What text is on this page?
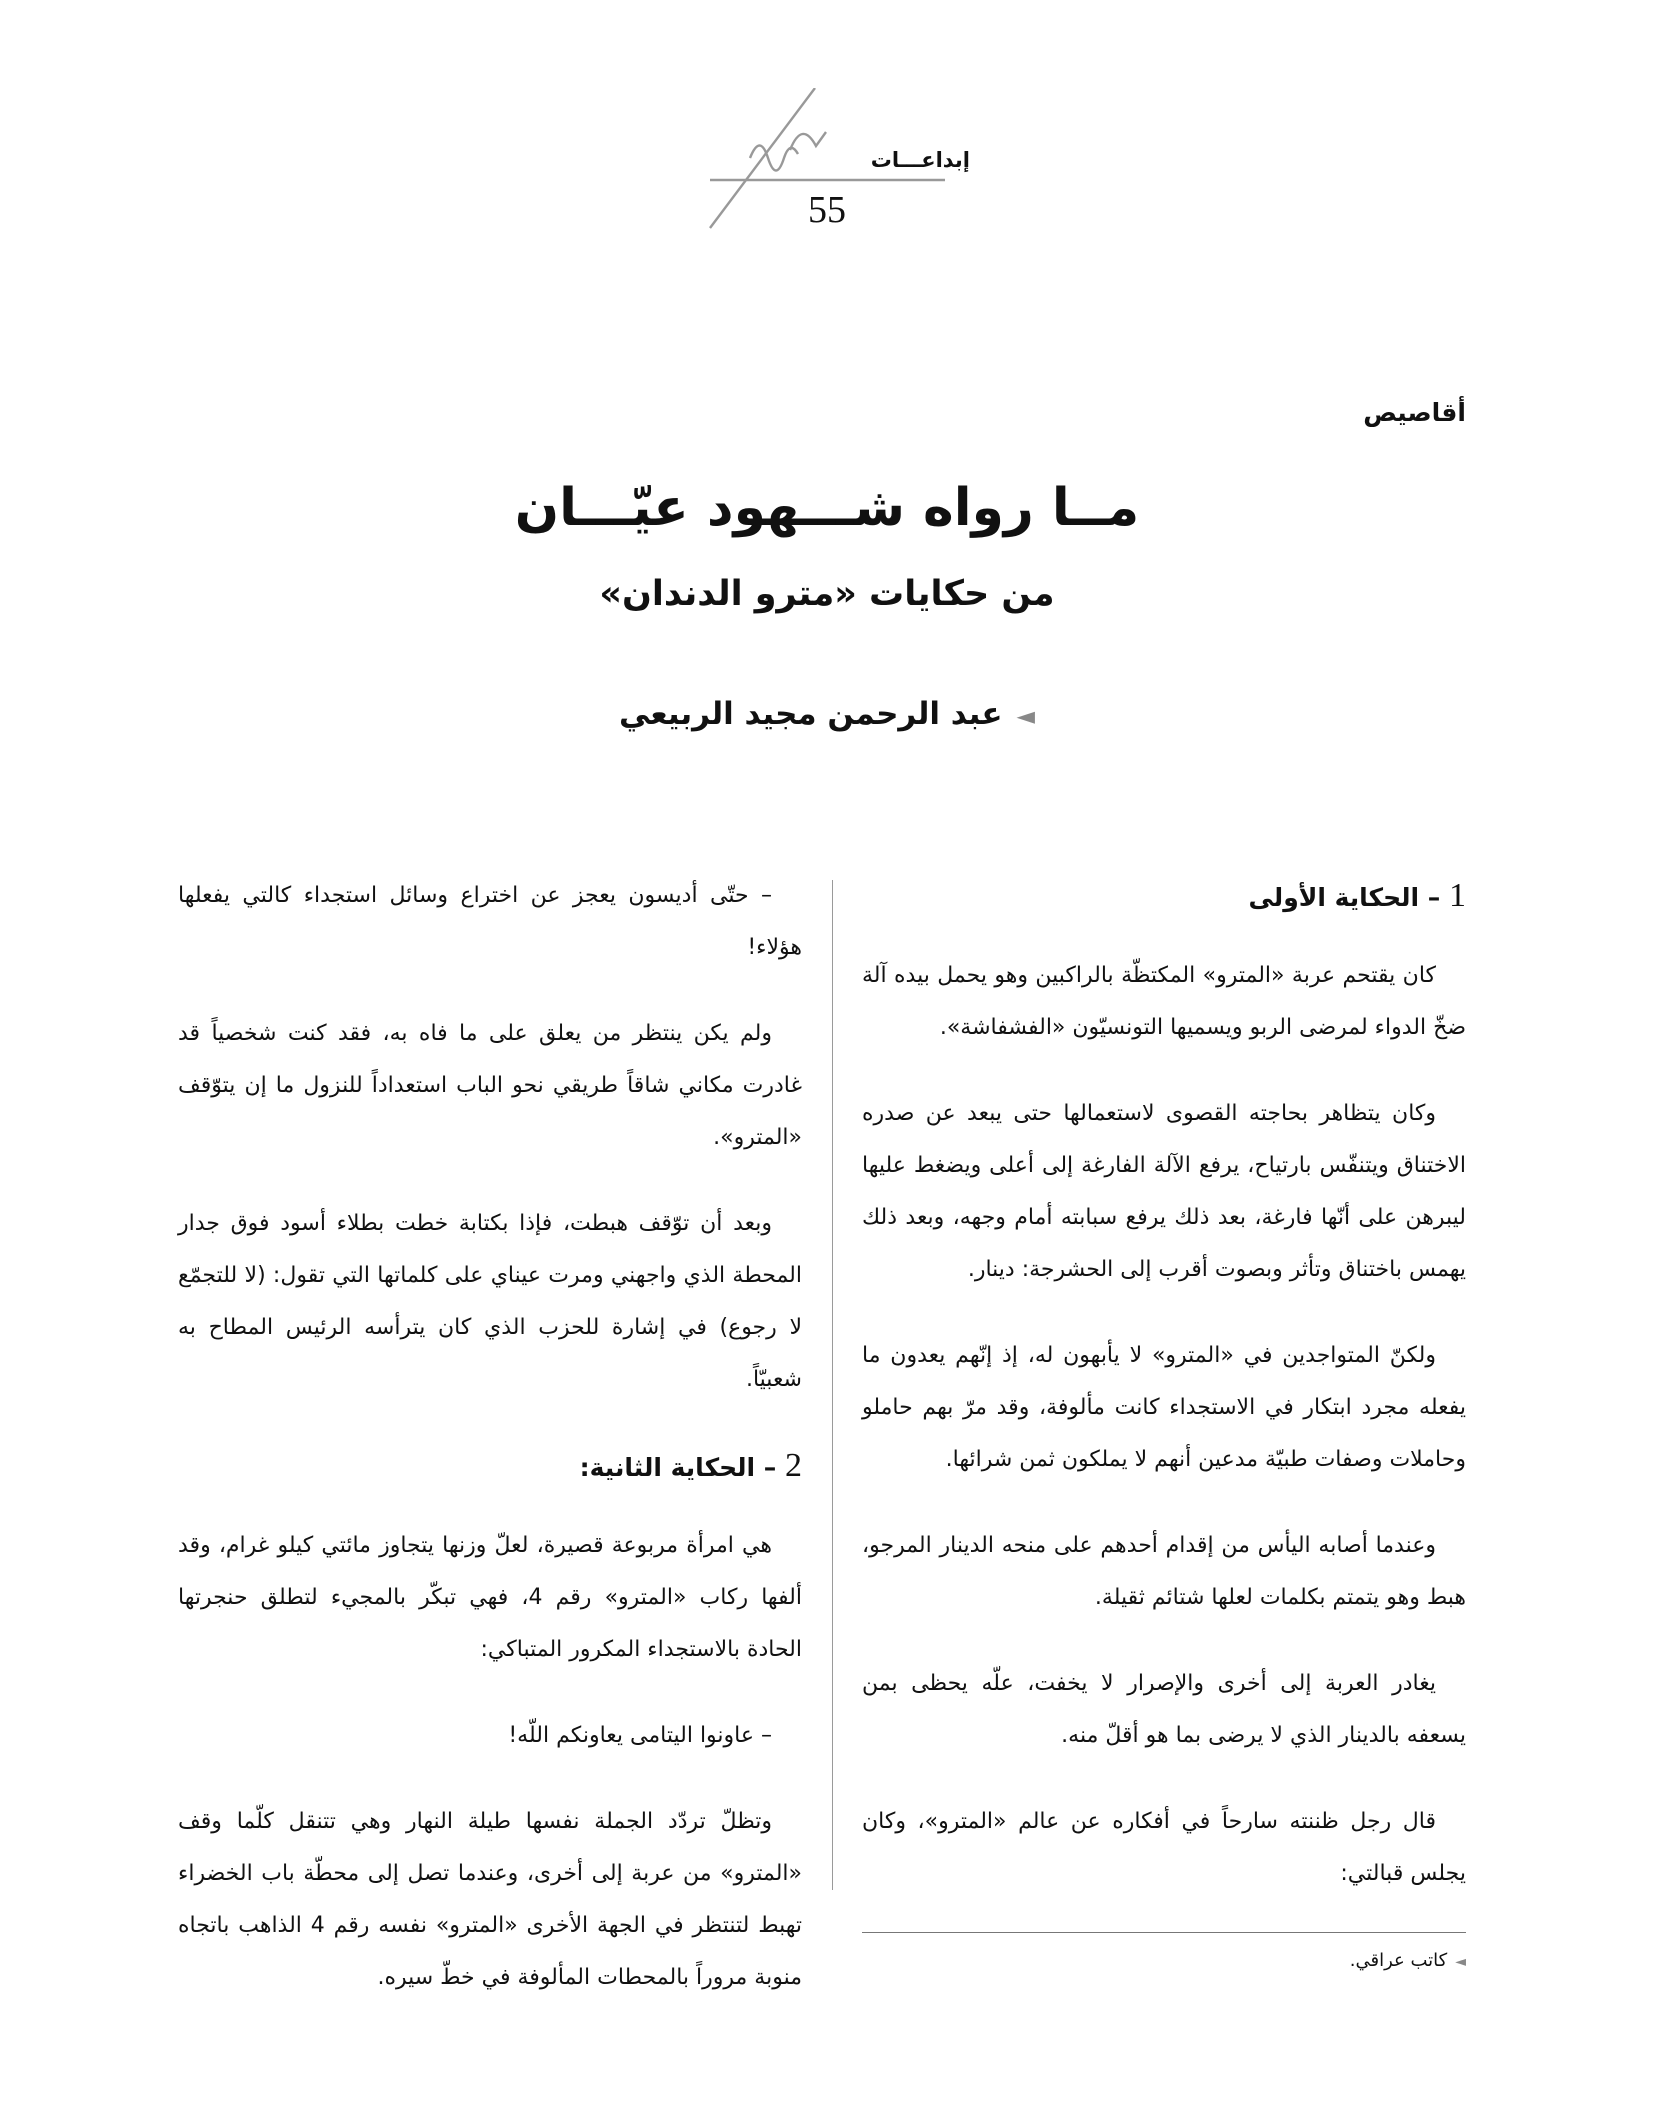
إبداعـــات
55
أقاصيص
مــا رواه شـــهود عيّـــان
من حكايات «مترو الدندان»
◄عبد الرحمن مجيد الربيعي
1 – الحكاية الأولى

كان يقتحم عربة «المترو» المكتظّة بالراكبين وهو يحمل بيده آلة ضخّ الدواء لمرضى الربو ويسميها التونسيّون «الفشفاشة».

وكان يتظاهر بحاجته القصوى لاستعمالها حتى يبعد عن صدره الاختناق ويتنفّس بارتياح، يرفع الآلة الفارغة إلى أعلى ويضغط عليها ليبرهن على أنّها فارغة، بعد ذلك يرفع سبابته أمام وجهه، وبعد ذلك يهمس باختناق وتأثر وبصوت أقرب إلى الحشرجة: دينار.

ولكنّ المتواجدين في «المترو» لا يأبهون له، إذ إنّهم يعدون ما يفعله مجرد ابتكار في الاستجداء كانت مألوفة، وقد مرّ بهم حاملو وحاملات وصفات طبيّة مدعين أنهم لا يملكون ثمن شرائها.

وعندما أصابه اليأس من إقدام أحدهم على منحه الدينار المرجو، هبط وهو يتمتم بكلمات لعلها شتائم ثقيلة.

يغادر العربة إلى أخرى والإصرار لا يخفت، علّه يحظى بمن يسعفه بالدينار الذي لا يرضى بما هو أقلّ منه.

قال رجل ظننته سارحاً في أفكاره عن عالم «المترو»، وكان يجلس قبالتي:

– حتّى أديسون يعجز عن اختراع وسائل استجداء كالتي يفعلها هؤلاء!

ولم يكن ينتظر من يعلق على ما فاه به، فقد كنت شخصياً قد غادرت مكاني شاقاً طريقي نحو الباب استعداداً للنزول ما إن يتوّقف «المترو».

وبعد أن توّقف هبطت، فإذا بكتابة خطت بطلاء أسود فوق جدار المحطة الذي واجهني ومرت عيناي على كلماتها التي تقول: (لا للتجمّع لا رجوع) في إشارة للحزب الذي كان يترأسه الرئيس المطاح به شعبيّاً.

2 – الحكاية الثانية:

هي امرأة مربوعة قصيرة، لعلّ وزنها يتجاوز مائتي كيلو غرام، وقد ألفها ركاب «المترو» رقم 4، فهي تبكّر بالمجيء لتطلق حنجرتها الحادة بالاستجداء المكرور المتباكي:

– عاونوا اليتامى يعاونكم اللّه!

وتظلّ تردّد الجملة نفسها طيلة النهار وهي تتنقل كلّما وقف «المترو» من عربة إلى أخرى، وعندما تصل إلى محطّة باب الخضراء تهبط لتنتظر في الجهة الأخرى «المترو» نفسه رقم 4 الذاهب باتجاه منوبة مروراً بالمحطات المألوفة في خطّ سيره.

◄كاتب عراقي.
